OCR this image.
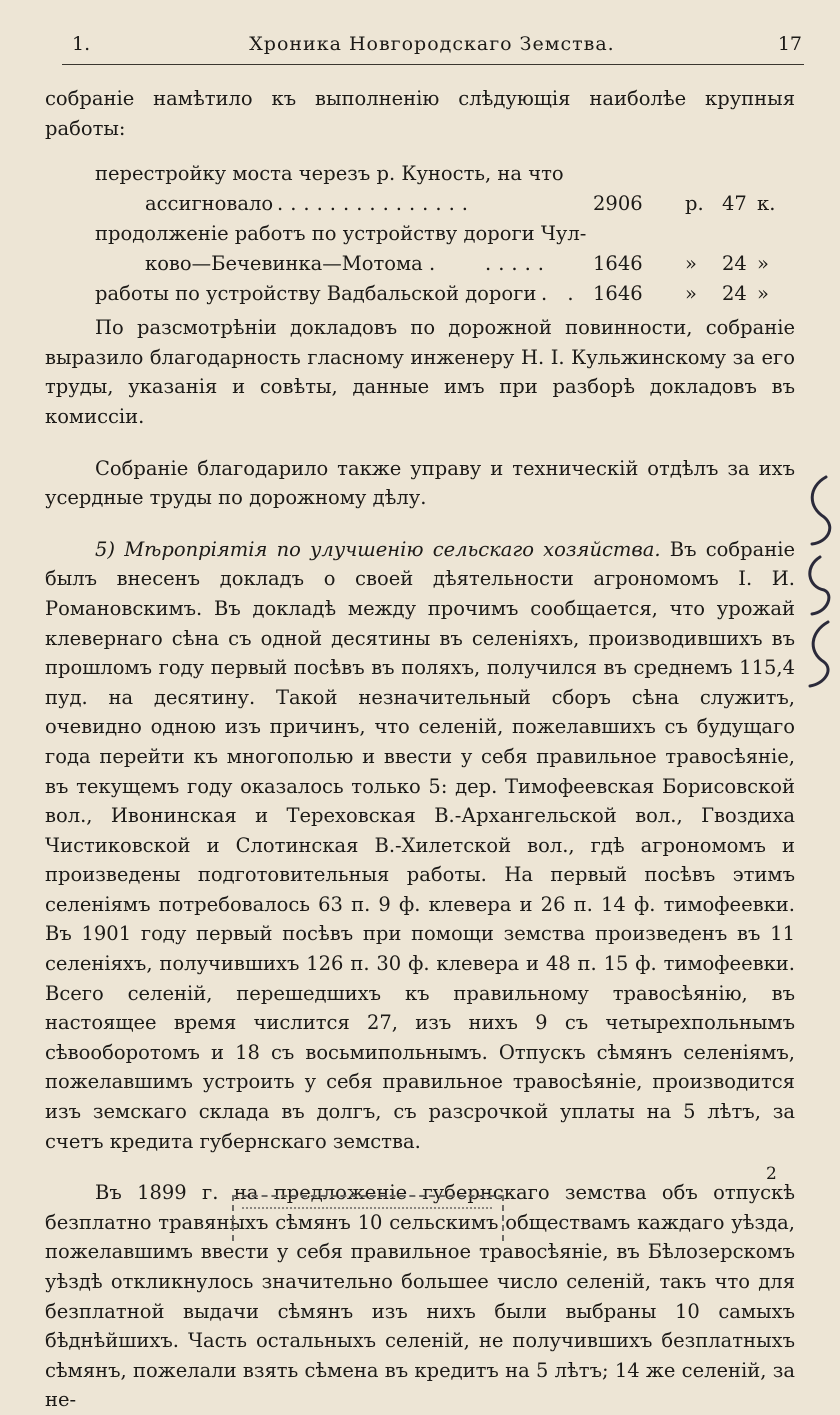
1.	Хроника Новгородскаго Земства.	17

собраніе намѣтило къ выполненію слѣдующія наиболѣе крупныя работы:

перестройку моста черезъ р. Куность, на что
ассигновало ...............	2906 р. 47 к.
продолженіе работъ по устройству дороги Чул-
ково—Бечевинка—Мотома .	..... 1646 » 24 »
работы по устройству Вадбальской дороги . . 1646 » 24 »

По разсмотрѣніи докладовъ по дорожной повинности, собраніе выразило благодарность гласному инженеру Н. І. Кульжинскому за его труды, указанія и совѣты, данные имъ при разборѣ докладовъ въ комиссіи.

Собраніе благодарило также управу и техническій отдѣлъ за ихъ усердные труды по дорожному дѣлу.

5) Мѣропріятія по улучшенію сельскаго хозяйства. Въ собраніе былъ внесенъ докладъ о своей дѣятельности агрономомъ І. И. Романовскимъ. Въ докладѣ между прочимъ сообщается, что урожай клевернаго сѣна съ одной десятины въ селеніяхъ, производившихъ въ прошломъ году первый посѣвъ въ поляхъ, получился въ среднемъ 115,4 пуд. на десятину. Такой незначительный сборъ сѣна служитъ, очевидно одною изъ причинъ, что селеній, пожелавшихъ съ будущаго года перейти къ многополью и ввести у себя правильное травосѣяніе, въ текущемъ году оказалось только 5: дер. Тимофеевская Борисовской вол., Ивонинская и Тереховская В.-Архангельской вол., Гвоздиха Чистиковской и Слотинская В.-Хилетской вол., гдѣ агрономомъ и произведены подготовительныя работы. На первый посѣвъ этимъ селеніямъ потребовалось 63 п. 9 ф. клевера и 26 п. 14 ф. тимофеевки. Въ 1901 году первый посѣвъ при помощи земства произведенъ въ 11 селеніяхъ, получившихъ 126 п. 30 ф. клевера и 48 п. 15 ф. тимофеевки. Всего селеній, перешедшихъ къ правильному травосѣянію, въ настоящее время числится 27, изъ нихъ 9 съ четырехпольнымъ сѣвооборотомъ и 18 съ восьмипольнымъ. Отпускъ сѣмянъ селеніямъ, пожелавшимъ устроить у себя правильное травосѣяніе, производится изъ земскаго склада въ долгъ, съ разсрочкой уплаты на 5 лѣтъ, за счетъ кредита губернскаго земства.

Въ 1899 г. на предложеніе губернскаго земства объ отпускѣ безплатно травяныхъ сѣмянъ 10 сельскимъ обществамъ каждаго уѣзда, пожелавшимъ ввести у себя правильное травосѣяніе, въ Бѣлозерскомъ уѣздѣ откликнулось значительно большее число селеній, такъ что для безплатной выдачи сѣмянъ изъ нихъ были выбраны 10 самыхъ бѣднѣйшихъ. Часть остальныхъ селеній, не получившихъ безплатныхъ сѣмянъ, пожелали взять сѣмена въ кредитъ на 5 лѣтъ; 14 же селеній, за не-

2
